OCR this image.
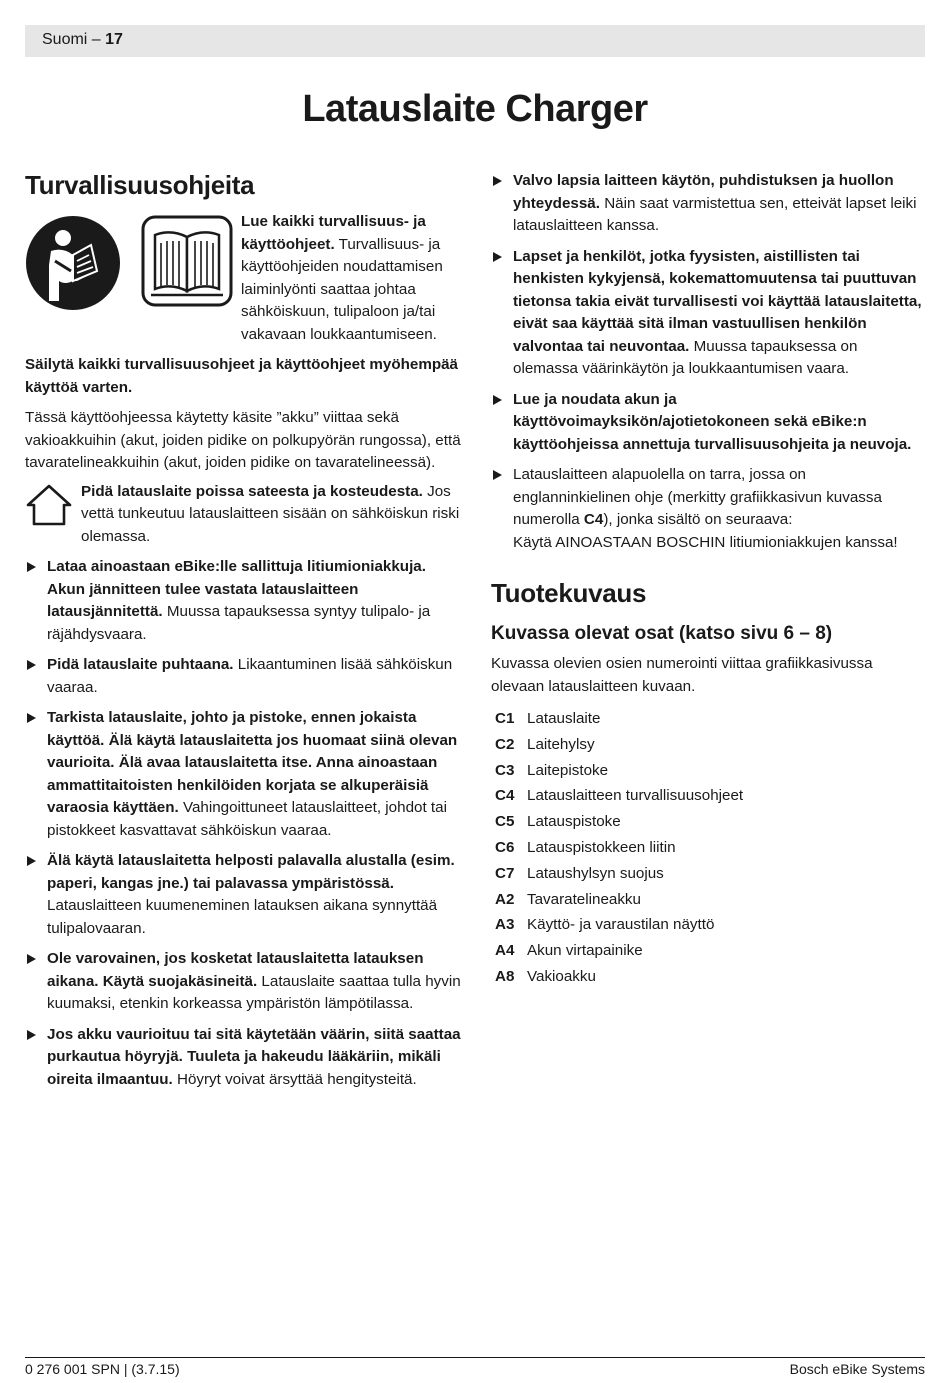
Suomi – 17
Latauslaite Charger
Turvallisuusohjeita
Lue kaikki turvallisuus- ja käyttöohjeet. Turvallisuus- ja käyttöohjeiden noudattamisen laiminlyönti saattaa johtaa sähköiskuun, tulipaloon ja/tai vakavaan loukkaantumiseen.

Säilytä kaikki turvallisuusohjeet ja käyttöohjeet myöhempää käyttöä varten.

Tässä käyttöohjeessa käytetty käsite ”akku” viittaa sekä vakioakkuihin (akut, joiden pidike on polkupyörän rungossa), että tavaratelineakkuihin (akut, joiden pidike on tavaratelineessä).

Pidä latauslaite poissa sateesta ja kosteudesta. Jos vettä tunkeutuu latauslaitteen sisään on sähköiskun riski olemassa.
Lataa ainoastaan eBike:lle sallittuja litiumioniakkuja. Akun jännitteen tulee vastata latauslaitteen latausjännitettä. Muussa tapauksessa syntyy tulipalo- ja räjähdysvaara.
Pidä latauslaite puhtaana. Likaantuminen lisää sähköiskun vaaraa.
Tarkista latauslaite, johto ja pistoke, ennen jokaista käyttöä. Älä käytä latauslaitetta jos huomaat siinä olevan vaurioita. Älä avaa latauslaitetta itse. Anna ainoastaan ammattitaitoisten henkilöiden korjata se alkuperäisiä varaosia käyttäen. Vahingoittuneet latauslaitteet, johdot tai pistokkeet kasvattavat sähköiskun vaaraa.
Älä käytä latauslaitetta helposti palavalla alustalla (esim. paperi, kangas jne.) tai palavassa ympäristössä. Latauslaitteen kuumeneminen latauksen aikana synnyttää tulipalovaaran.
Ole varovainen, jos kosketat latauslaitetta latauksen aikana. Käytä suojakäsineitä. Latauslaite saattaa tulla hyvin kuumaksi, etenkin korkeassa ympäristön lämpötilassa.
Jos akku vaurioituu tai sitä käytetään väärin, siitä saattaa purkautua höyryjä. Tuuleta ja hakeudu lääkäriin, mikäli oireita ilmaantuu. Höyryt voivat ärsyttää hengitysteitä.
Valvo lapsia laitteen käytön, puhdistuksen ja huollon yhteydessä. Näin saat varmistettua sen, etteivät lapset leiki latauslaitteen kanssa.
Lapset ja henkilöt, jotka fyysisten, aistillisten tai henkisten kykyjensä, kokemattomuutensa tai puuttuvan tietonsa takia eivät turvallisesti voi käyttää latauslaitetta, eivät saa käyttää sitä ilman vastuullisen henkilön valvontaa tai neuvontaa. Muussa tapauksessa on olemassa väärinkäytön ja loukkaantumisen vaara.
Lue ja noudata akun ja käyttövoimayksikön/ajotietokoneen sekä eBike:n käyttöohjeissa annettuja turvallisuusohjeita ja neuvoja.
Latauslaitteen alapuolella on tarra, jossa on englanninkielinen ohje (merkitty grafiikkasivun kuvassa numerolla C4), jonka sisältö on seuraava:
Käytä AINOASTAAN BOSCHIN litiumioniakkujen kanssa!
Tuotekuvaus
Kuvassa olevat osat (katso sivu 6 – 8)

Kuvassa olevien osien numerointi viittaa grafiikkasivussa olevaan latauslaitteen kuvaan.

C1 Latauslaite
C2 Laitehylsy
C3 Laitepistoke
C4 Latauslaitteen turvallisuusohjeet
C5 Latauspistoke
C6 Latauspistokkeen liitin
C7 Lataushylsyn suojus
A2 Tavaratelineakku
A3 Käyttö- ja varaustilan näyttö
A4 Akun virtapainike
A8 Vakioakku
0 276 001 SPN | (3.7.15)	Bosch eBike Systems
